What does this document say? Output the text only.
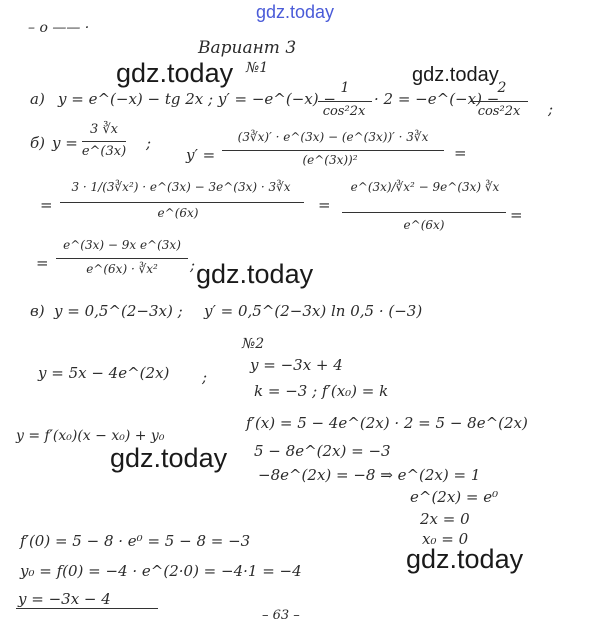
gdz.today
gdz.today	gdz.today
gdz.today
gdz.today
gdz.today
– o —— ·
Вариант 3
№1
а) y = e^(−x) − tg 2x ; y′ = −e^(−x) −
1
cos²2x
· 2 = −e^(−x) −
2
cos²2x	;
б) y =
3 ∛x
e^(3x) ;
y′ =
(3∛x)′ · e^(3x) − (e^(3x))′ · 3∛x
(e^(3x))²	=
=
3 · 1/(3∛x²) · e^(3x) − 3e^(3x) · 3∛x
e^(6x)	=
e^(3x)/∛x² − 9e^(3x) ∛x
e^(6x)
=
=
e^(3x) − 9x e^(3x)
e^(6x) · ∛x²	;
в) y = 0,5^(2−3x) ; y′ = 0,5^(2−3x) ln 0,5 · (−3)
y = 5x − 4e^(2x) ;
№2
y = −3x + 4
k = −3 ; f′(x₀) = k
f′(x) = 5 − 4e^(2x) · 2 = 5 − 8e^(2x)
y = f′(x₀)(x − x₀) + y₀
5 − 8e^(2x) = −3
−8e^(2x) = −8 ⇒ e^(2x) = 1
e^(2x) = e⁰
2x = 0
x₀ = 0
f′(0) = 5 − 8 · e⁰ = 5 − 8 = −3
y₀ = f(0) = −4 · e^(2·0) = −4·1 = −4
y = −3x − 4
– 63 –
